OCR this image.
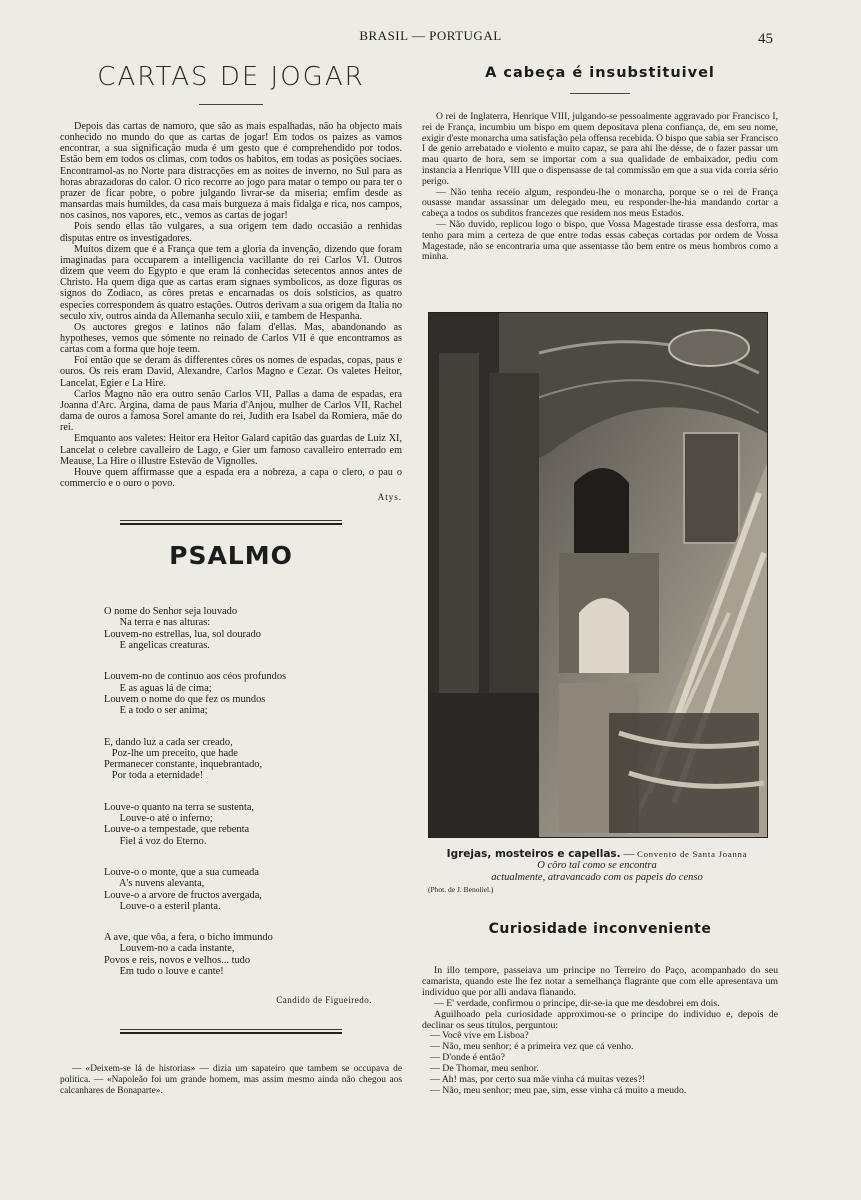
BRASIL — PORTUGAL	45
CARTAS DE JOGAR

Depois das cartas de namoro, que são as mais espalhadas, não ha objecto mais conhecido no mundo do que as cartas de jogar! Em todos os paizes as vamos encontrar, a sua significação muda é um gesto que é comprehendido por todos. Estão bem em todos os climas, com todos os habitos, em todas as posições sociaes. Encontramol-as no Norte para distracções em as noites de inverno, no Sul para as horas abrazadoras do calor. O rico recorre ao jogo para matar o tempo ou para ter o prazer de ficar pobre, o pobre julgando livrar-se da miseria; emfim desde as mansardas mais humildes, da casa mais burgueza á mais fidalga e rica, nos campos, nos casinos, nos vapores, etc., vemos as cartas de jogar!

Pois sendo ellas tão vulgares, a sua origem tem dado occasião a renhidas disputas entre os investigadores.

Muitos dizem que é a França que tem a gloria da invenção, dizendo que foram imaginadas para occuparem a intelligencia vacillante do rei Carlos VI. Outros dizem que veem do Egypto e que eram lá conhecidas setecentos annos antes de Christo. Ha quem diga que as cartas eram signaes symbolicos, as doze figuras os signos do Zodiaco, as côres pretas e encarnadas os dois solsticios, as quatro especies correspondem ás quatro estações. Outros derivam a sua origem da Italia no seculo xiv, outros ainda da Allemanha seculo xiii, e tambem de Hespanha.

Os auctores gregos e latinos não falam d'ellas. Mas, abandonando as hypotheses, vemos que sómente no reinado de Carlos VII é que encontramos as cartas com a forma que hoje teem.

Foi então que se deram ás differentes côres os nomes de espadas, copas, paus e ouros. Os reis eram David, Alexandre, Carlos Magno e Cezar. Os valetes Heitor, Lancelat, Egier e La Hire.

Carlos Magno não era outro senão Carlos VII, Pallas a dama de espadas, era Joanna d'Arc. Argina, dama de paus Maria d'Anjou, mulher de Carlos VII, Rachel dama de ouros a famosa Sorel amante do rei, Judith era Isabel da Romiera, mãe do rei.

Emquanto aos valetes: Heitor era Heitor Galard capitão das guardas de Luiz XI, Lancelat o celebre cavalleiro de Lago, e Gier um famoso cavalleiro enterrado em Meause, La Hire o illustre Estevão de Vignolles.

Houve quem affirmasse que a espada era a nobreza, a capa o clero, o pau o commercio e o ouro o povo.

Atys.
PSALMO
O nome do Senhor seja louvado
Na terra e nas alturas:
Louvem-no estrellas, lua, sol dourado
E angelicas creaturas.
Louvem-no de continuo aos céos profundos
E as aguas lá de cima;
Louvem o nome do que fez os mundos
E a todo o ser anima;
E, dando luz a cada ser creado,
Poz-lhe um preceito, que hade
Permanecer constante, inquebrantado,
Por toda a eternidade!
Louve-o quanto na terra se sustenta,
Louve-o até o inferno;
Louve-o a tempestade, que rebenta
Fiel á voz do Eterno.
Louve-o o monte, que a sua cumeada
A's nuvens alevanta,
Louve-o a arvore de fructos avergada,
Louve-o a esteril planta.
A ave, que vôa, a fera, o bicho immundo
Louvem-no a cada instante,
Povos e reis, novos e velhos... tudo
Em tudo o louve e cante!
Candido de Figueiredo.
— «Deixem-se lá de historias» — dizia um sapateiro que tambem se occupava de politica. — «Napoleão foi um grande homem, mas assim mesmo ainda não chegou aos calcanhares de Bonaparte».
A cabeça é insubstituivel

O rei de Inglaterra, Henrique VIII, julgando-se pessoalmente aggravado por Francisco I, rei de França, incumbiu um bispo em quem depositava plena confiança, de, em seu nome, exigir d'este monarcha uma satisfação pela offensa recebida. O bispo que sabia ser Francisco I de genio arrebatado e violento e muito capaz, se para ahi lhe désse, de o fazer passar um mau quarto de hora, sem se importar com a sua qualidade de embaixador, pediu com instancia a Henrique VIII que o dispensasse de tal commissão em que a sua vida corria sério perigo.

— Não tenha receio algum, respondeu-lhe o monarcha, porque se o rei de França ousasse mandar assassinar um delegado meu, eu responder-lhe-hia mandando cortar a cabeça a todos os subditos francezes que residem nos meus Estados.

— Não duvido, replicou logo o bispo, que Vossa Magestade tirasse essa desforra, mas tenho para mim a certeza de que entre todas essas cabeças cortadas por ordem de Vossa Magestade, não se encontraria uma que assentasse tão bem entre os meus hombros como a minha.

Igrejas, mosteiros e capellas. — Convento de Santa Joanna
O côro tal como se encontra
actualmente, atravancado com os papeis do censo
(Phot. de J. Benoliel.)
Curiosidade inconveniente

In illo tempore, passeiava um principe no Terreiro do Paço, acompanhado do seu camarista, quando este lhe fez notar a semelhança flagrante que com elle apresentava um individuo que por alli andava flanando.

— E' verdade, confirmou o principe, dir-se-ia que me desdobrei em dois.

Aguilhoado pela curiosidade approximou-se o principe do individuo e, depois de declinar os seus titulos, perguntou:

— Você vive em Lisboa?

— Não, meu senhor; é a primeira vez que cá venho.

— D'onde é então?

— De Thomar, meu senhor.

— Ah! mas, por certo sua mãe vinha cá muitas vezes?!

— Não, meu senhor; meu pae, sim, esse vinha cá muito a meudo.
